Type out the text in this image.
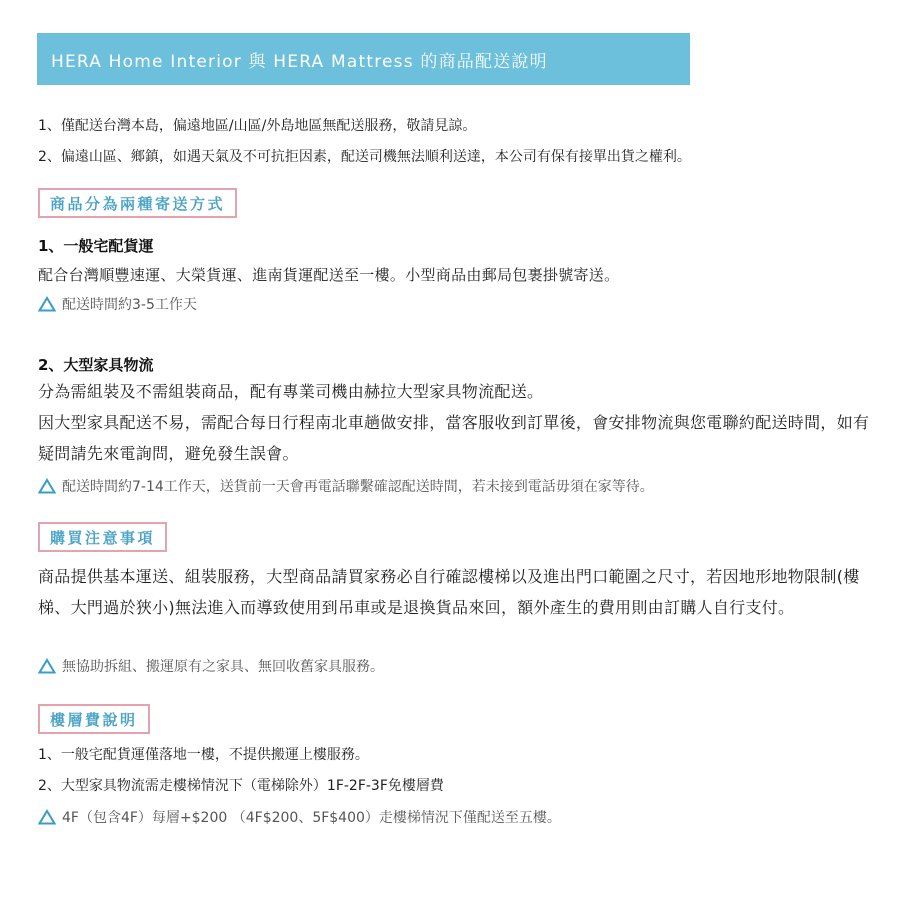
HERA Home Interior 與 HERA Mattress 的商品配送說明
1、僅配送台灣本島，偏遠地區/山區/外島地區無配送服務，敬請見諒。
2、偏遠山區、鄉鎮，如遇天氣及不可抗拒因素，配送司機無法順利送達，本公司有保有接單出貨之權利。
商品分為兩種寄送方式
1、一般宅配貨運
配合台灣順豐速運、大榮貨運、進南貨運配送至一樓。小型商品由郵局包裹掛號寄送。
配送時間約3-5工作天
2、大型家具物流
分為需組裝及不需組裝商品，配有專業司機由赫拉大型家具物流配送。
因大型家具配送不易，需配合每日行程南北車趟做安排，當客服收到訂單後，會安排物流與您電聯約配送時間，如有疑問請先來電詢問，避免發生誤會。
配送時間約7-14工作天，送貨前一天會再電話聯繫確認配送時間，若未接到電話毋須在家等待。
購買注意事項
商品提供基本運送、組裝服務，大型商品請買家務必自行確認樓梯以及進出門口範圍之尺寸，若因地形地物限制(樓梯、大門過於狹小)無法進入而導致使用到吊車或是退換貨品來回，額外產生的費用則由訂購人自行支付。
無協助拆組、搬運原有之家具、無回收舊家具服務。
樓層費說明
1、一般宅配貨運僅落地一樓，不提供搬運上樓服務。
2、大型家具物流需走樓梯情況下（電梯除外）1F-2F-3F免樓層費
4F（包含4F）每層+$200 （4F$200、5F$400）走樓梯情況下僅配送至五樓。
